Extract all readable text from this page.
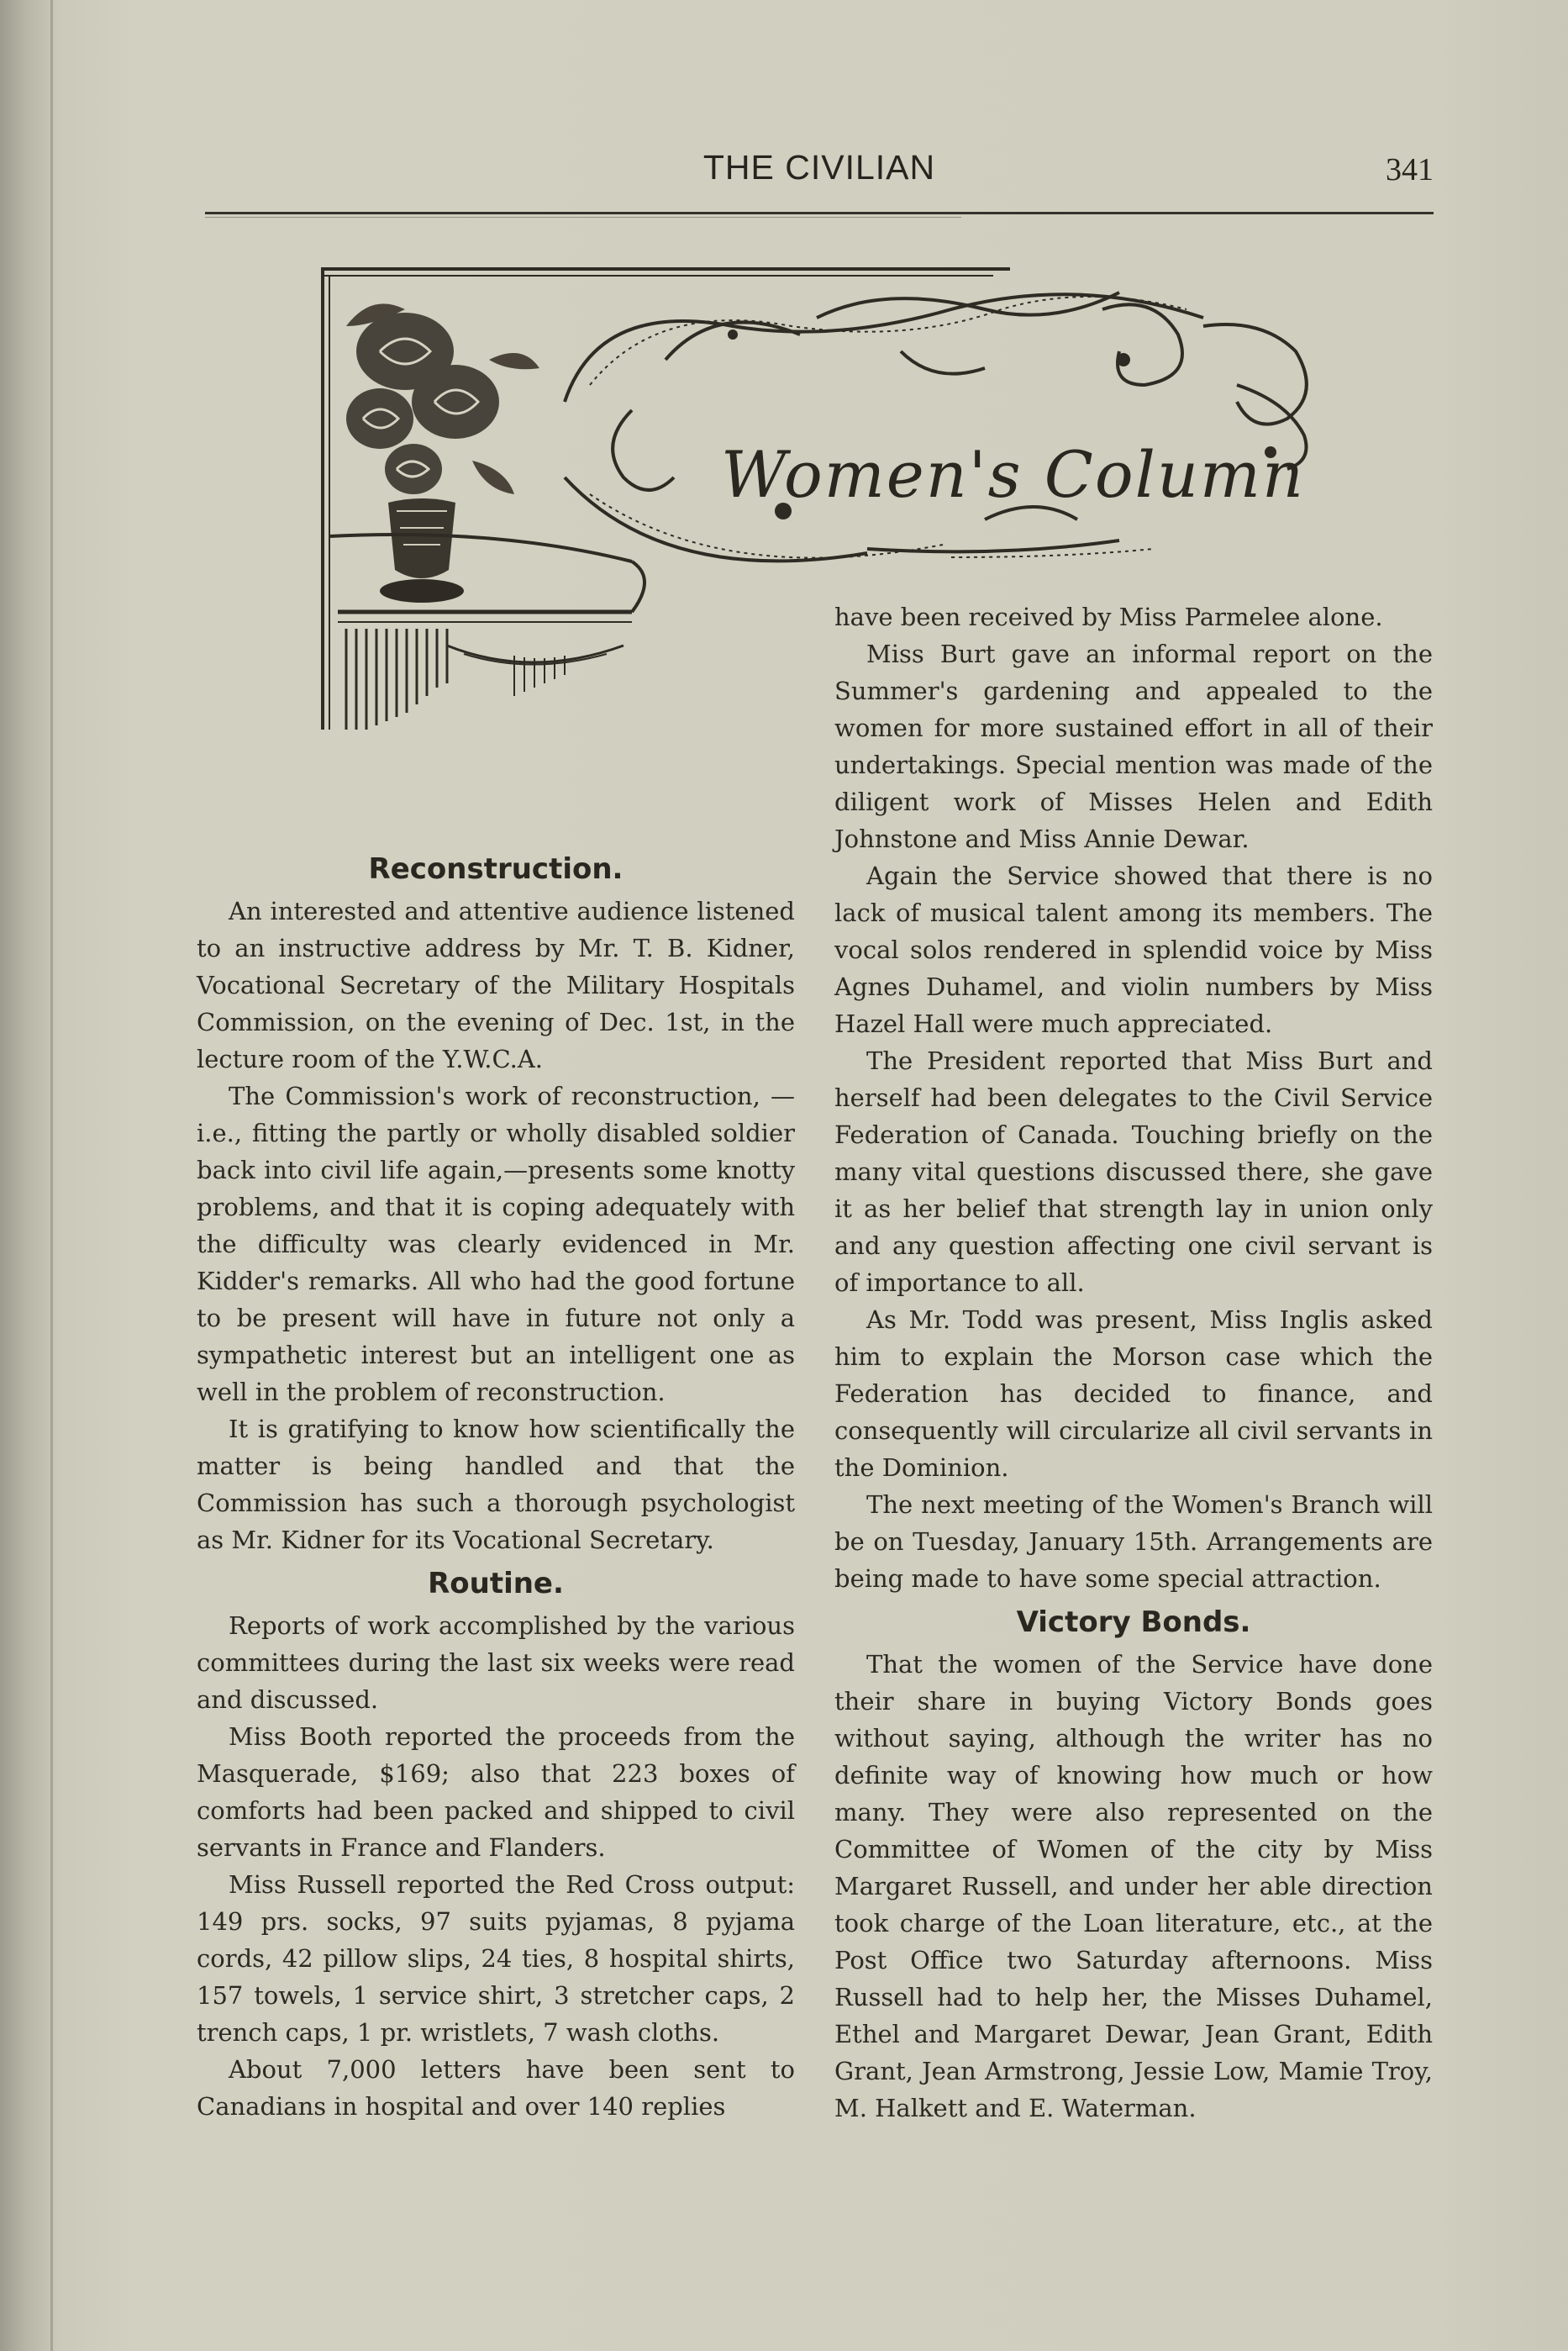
THE CIVILIAN	341
Women's Column
Reconstruction.

An interested and attentive audience listened to an instructive address by Mr. T. B. Kidner, Vocational Secretary of the Military Hospitals Commission, on the evening of Dec. 1st, in the lecture room of the Y.W.C.A.

The Commission's work of reconstruction, —i.e., fitting the partly or wholly disabled soldier back into civil life again,—presents some knotty problems, and that it is coping adequately with the difficulty was clearly evidenced in Mr. Kidder's remarks. All who had the good fortune to be present will have in future not only a sympathetic interest but an intelligent one as well in the problem of reconstruction.

It is gratifying to know how scientifically the matter is being handled and that the Commission has such a thorough psychologist as Mr. Kidner for its Vocational Secretary.

Routine.

Reports of work accomplished by the various committees during the last six weeks were read and discussed.

Miss Booth reported the proceeds from the Masquerade, $169; also that 223 boxes of comforts had been packed and shipped to civil servants in France and Flanders.

Miss Russell reported the Red Cross output: 149 prs. socks, 97 suits pyjamas, 8 pyjama cords, 42 pillow slips, 24 ties, 8 hospital shirts, 157 towels, 1 service shirt, 3 stretcher caps, 2 trench caps, 1 pr. wristlets, 7 wash cloths.

About 7,000 letters have been sent to Canadians in hospital and over 140 replies

have been received by Miss Parmelee alone.

Miss Burt gave an informal report on the Summer's gardening and appealed to the women for more sustained effort in all of their undertakings. Special mention was made of the diligent work of Misses Helen and Edith Johnstone and Miss Annie Dewar.

Again the Service showed that there is no lack of musical talent among its members. The vocal solos rendered in splendid voice by Miss Agnes Duhamel, and violin numbers by Miss Hazel Hall were much appreciated.

The President reported that Miss Burt and herself had been delegates to the Civil Service Federation of Canada. Touching briefly on the many vital questions discussed there, she gave it as her belief that strength lay in union only and any question affecting one civil servant is of importance to all.

As Mr. Todd was present, Miss Inglis asked him to explain the Morson case which the Federation has decided to finance, and consequently will circularize all civil servants in the Dominion.

The next meeting of the Women's Branch will be on Tuesday, January 15th. Arrangements are being made to have some special attraction.

Victory Bonds.

That the women of the Service have done their share in buying Victory Bonds goes without saying, although the writer has no definite way of knowing how much or how many. They were also represented on the Committee of Women of the city by Miss Margaret Russell, and under her able direction took charge of the Loan literature, etc., at the Post Office two Saturday afternoons. Miss Russell had to help her, the Misses Duhamel, Ethel and Margaret Dewar, Jean Grant, Edith Grant, Jean Armstrong, Jessie Low, Mamie Troy, M. Halkett and E. Waterman.
